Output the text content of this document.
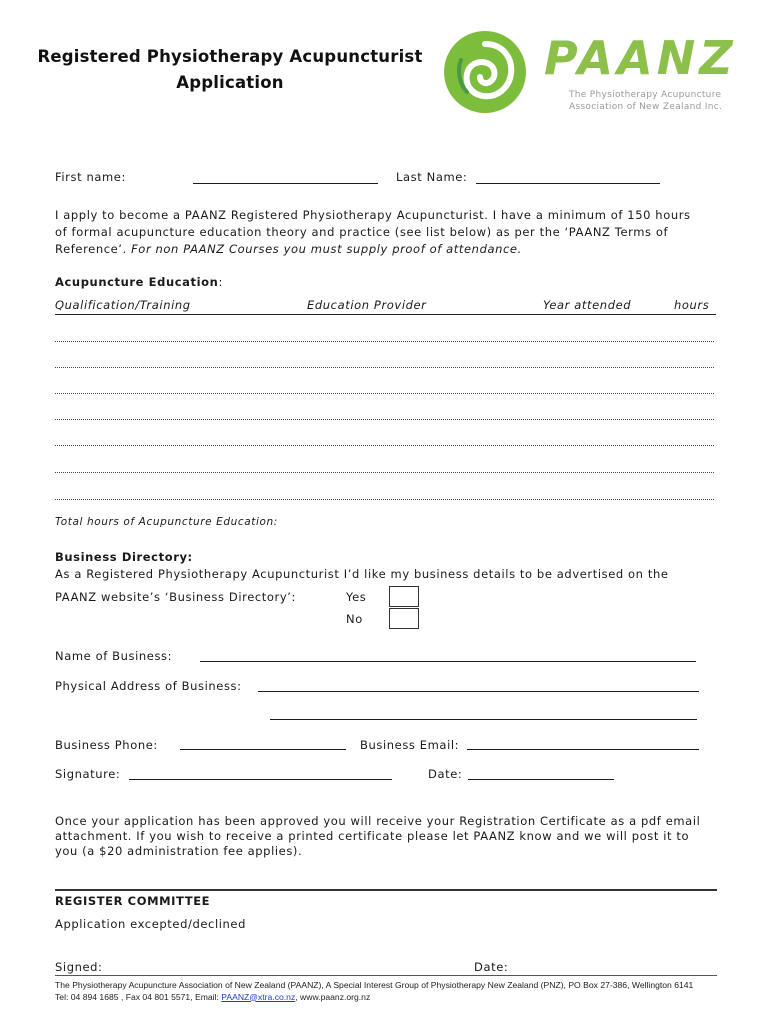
Registered Physiotherapy Acupuncturist
Application	PAANZ
The Physiotherapy Acupuncture
Association of New Zealand Inc.
First name:	Last Name:
I apply to become a PAANZ Registered Physiotherapy Acupuncturist. I have a minimum of 150 hours
of formal acupuncture education theory and practice (see list below) as per the ‘PAANZ Terms of
Reference’. For non PAANZ Courses you must supply proof of attendance.
Acupuncture Education:
Qualification/Training	Education Provider	Year attended	hours
Total hours of Acupuncture Education:
Business Directory:
As a Registered Physiotherapy Acupuncturist I’d like my business details to be advertised on the
PAANZ website’s ‘Business Directory’:	Yes
No
Name of Business:
Physical Address of Business:
Business Phone:	Business Email:
Signature:	Date:
Once your application has been approved you will receive your Registration Certificate as a pdf email
attachment. If you wish to receive a printed certificate please let PAANZ know and we will post it to
you (a $20 administration fee applies).
REGISTER COMMITTEE
Application excepted/declined
Signed:	Date:
The Physiotherapy Acupuncture Association of New Zealand (PAANZ), A Special Interest Group of Physiotherapy New Zealand (PNZ), PO Box 27-386, Wellington 6141
Tel: 04 894 1685 , Fax 04 801 5571, Email: PAANZ@xtra.co.nz, www.paanz.org.nz
